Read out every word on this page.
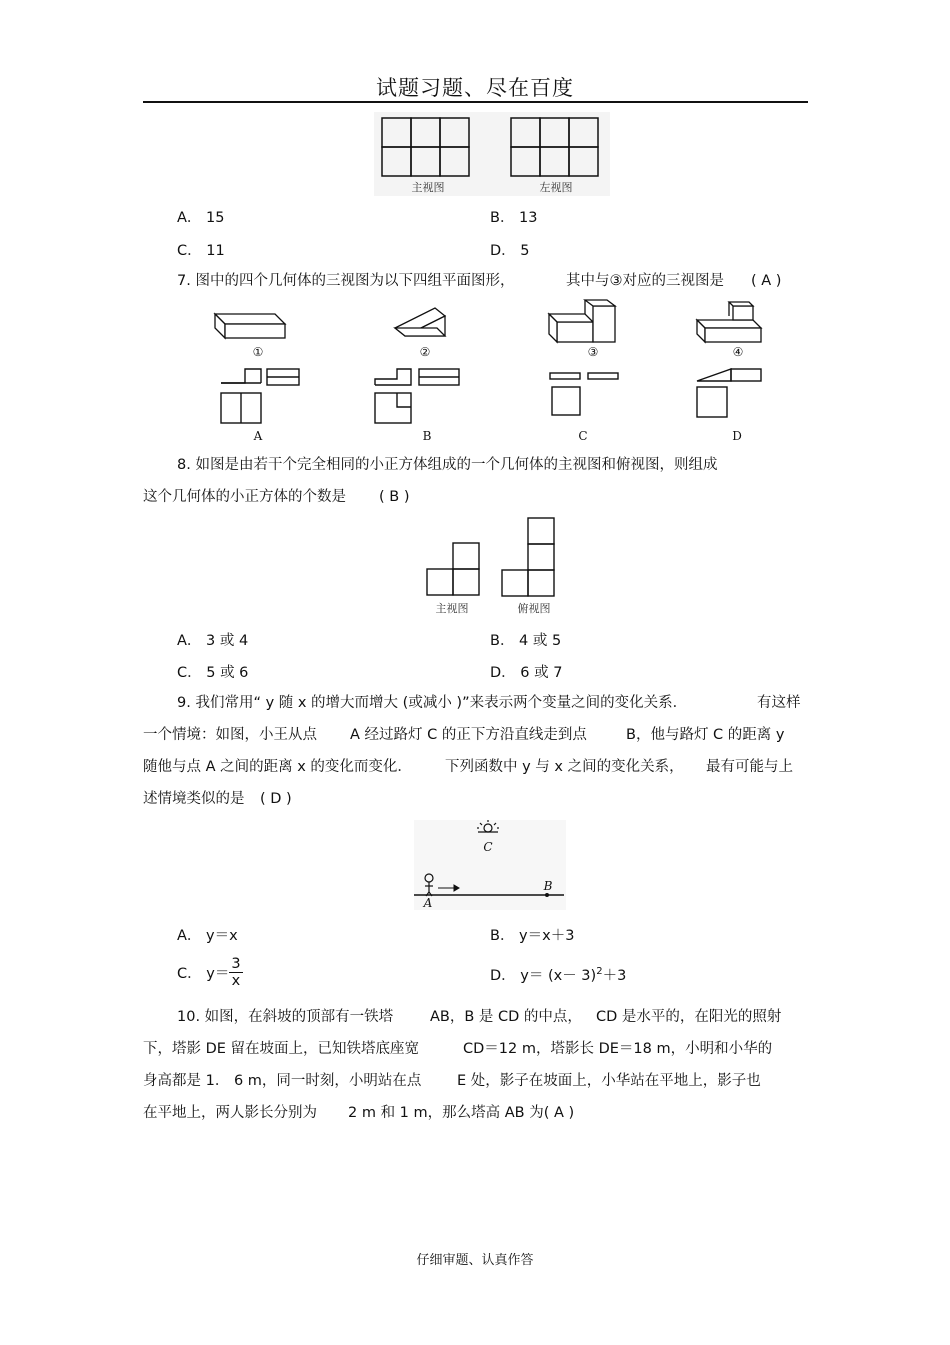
试题习题、尽在百度
主视图	左视图
A． 15	B． 13
C． 11	D． 5
7. 图中的四个几何体的三视图为以下四组平面图形，	其中与③对应的三视图是 ( A )
①	②	③	④
A	B	C	D
8. 如图是由若干个完全相同的小正方体组成的一个几何体的主视图和俯视图，则组成
这个几何体的小正方体的个数是 ( B )
主视图	俯视图
A． 3 或 4	B． 4 或 5
C． 5 或 6	D． 6 或 7
9. 我们常用“ y 随 x 的增大而增大 (或减小 )”来表示两个变量之间的变化关系．	有这样
一个情境：如图，小王从点 A 经过路灯 C 的正下方沿直线走到点	B，他与路灯 C 的距离 y
随他与点 A 之间的距离 x 的变化而变化． 下列函数中 y 与 x 之间的变化关系， 最有可能与上
述情境类似的是 ( D )
C
A
B
A． y＝x	B． y＝x＋3
C． $y= \frac{3}{x}$	D． $y= (x- 3)^2+3$
10. 如图，在斜坡的顶部有一铁塔	AB，B 是 CD 的中点， CD 是水平的，在阳光的照射
下，塔影 DE 留在坡面上，已知铁塔底座宽	CD＝12 m，塔影长 DE＝18 m，小明和小华的
身高都是 1． 6 m，同一时刻，小明站在点 E 处，影子在坡面上，小华站在平地上，影子也
在平地上，两人影长分别为 2 m 和 1 m，那么塔高 AB 为( A )
仔细审题、认真作答
